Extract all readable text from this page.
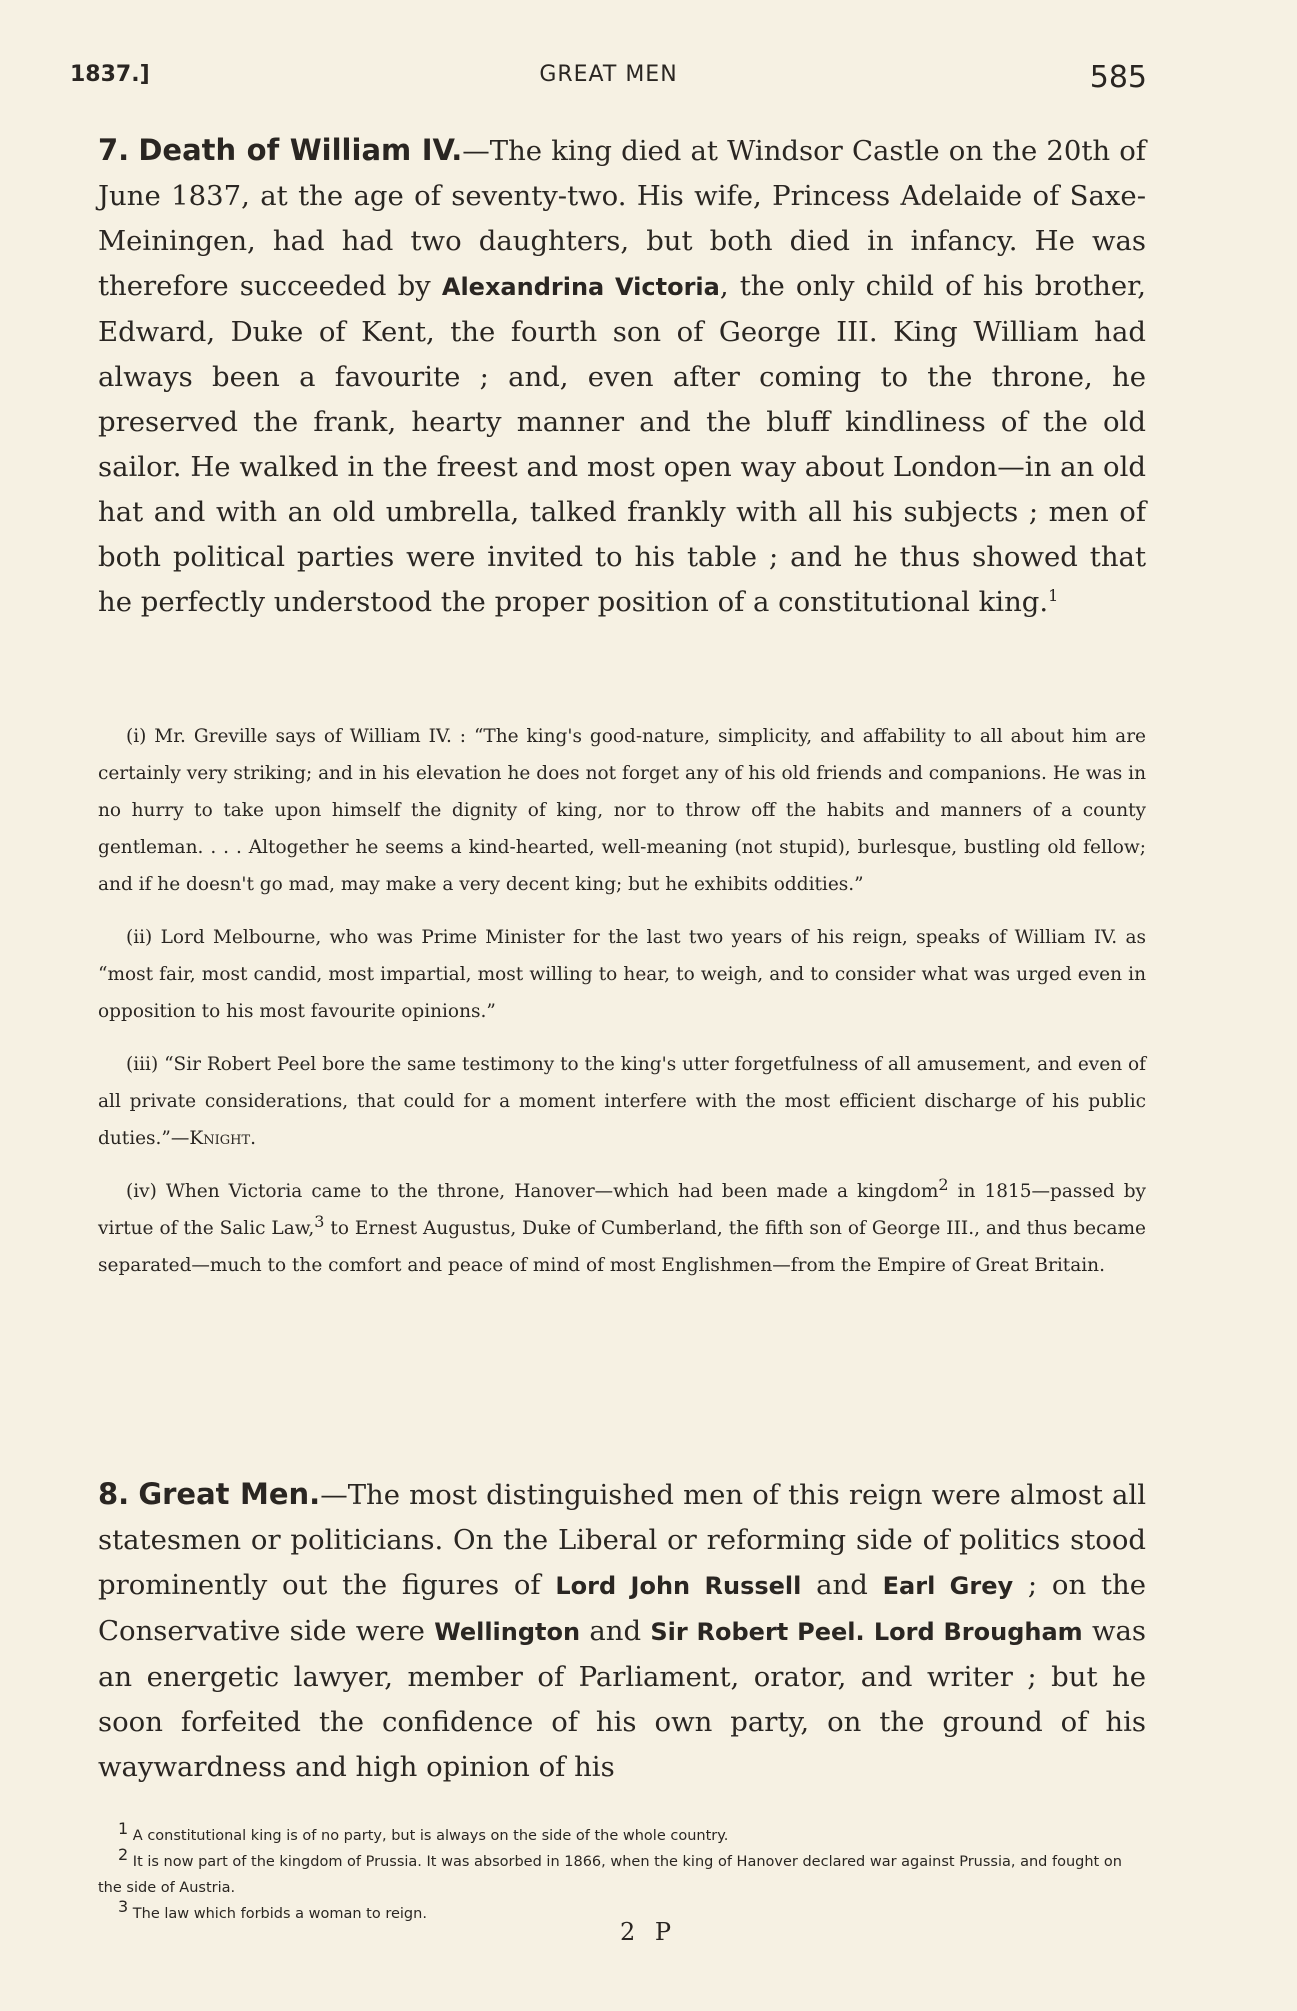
1837.]	GREAT MEN	585

7. Death of William IV.—The king died at Windsor Castle on the 20th of June 1837, at the age of seventy-two. His wife, Princess Adelaide of Saxe-Meiningen, had had two daughters, but both died in infancy. He was therefore succeeded by Alexandrina Victoria, the only child of his brother, Edward, Duke of Kent, the fourth son of George III. King William had always been a favourite ; and, even after coming to the throne, he preserved the frank, hearty manner and the bluff kindliness of the old sailor. He walked in the freest and most open way about London—in an old hat and with an old umbrella, talked frankly with all his subjects ; men of both political parties were invited to his table ; and he thus showed that he perfectly understood the proper position of a constitutional king.$^1$

(i) Mr. Greville says of William IV. : “The king's good-nature, simplicity, and affability to all about him are certainly very striking; and in his elevation he does not forget any of his old friends and companions. He was in no hurry to take upon himself the dignity of king, nor to throw off the habits and manners of a county gentleman. . . . Altogether he seems a kind-hearted, well-meaning (not stupid), burlesque, bustling old fellow; and if he doesn't go mad, may make a very decent king; but he exhibits oddities.”

(ii) Lord Melbourne, who was Prime Minister for the last two years of his reign, speaks of William IV. as “most fair, most candid, most impartial, most willing to hear, to weigh, and to consider what was urged even in opposition to his most favourite opinions.”

(iii) “Sir Robert Peel bore the same testimony to the king's utter forgetfulness of all amusement, and even of all private considerations, that could for a moment interfere with the most efficient discharge of his public duties.”—Knight.

(iv) When Victoria came to the throne, Hanover—which had been made a kingdom$^2$ in 1815—passed by virtue of the Salic Law,$^3$ to Ernest Augustus, Duke of Cumberland, the fifth son of George III., and thus became separated—much to the comfort and peace of mind of most Englishmen—from the Empire of Great Britain.

8. Great Men.—The most distinguished men of this reign were almost all statesmen or politicians. On the Liberal or reforming side of politics stood prominently out the figures of Lord John Russell and Earl Grey ; on the Conservative side were Wellington and Sir Robert Peel. Lord Brougham was an energetic lawyer, member of Parliament, orator, and writer ; but he soon forfeited the confidence of his own party, on the ground of his waywardness and high opinion of his

$^1$ A constitutional king is of no party, but is always on the side of the whole country.

$^2$ It is now part of the kingdom of Prussia. It was absorbed in 1866, when the king of Hanover declared war against Prussia, and fought on the side of Austria.

$^3$ The law which forbids a woman to reign.

2 P
